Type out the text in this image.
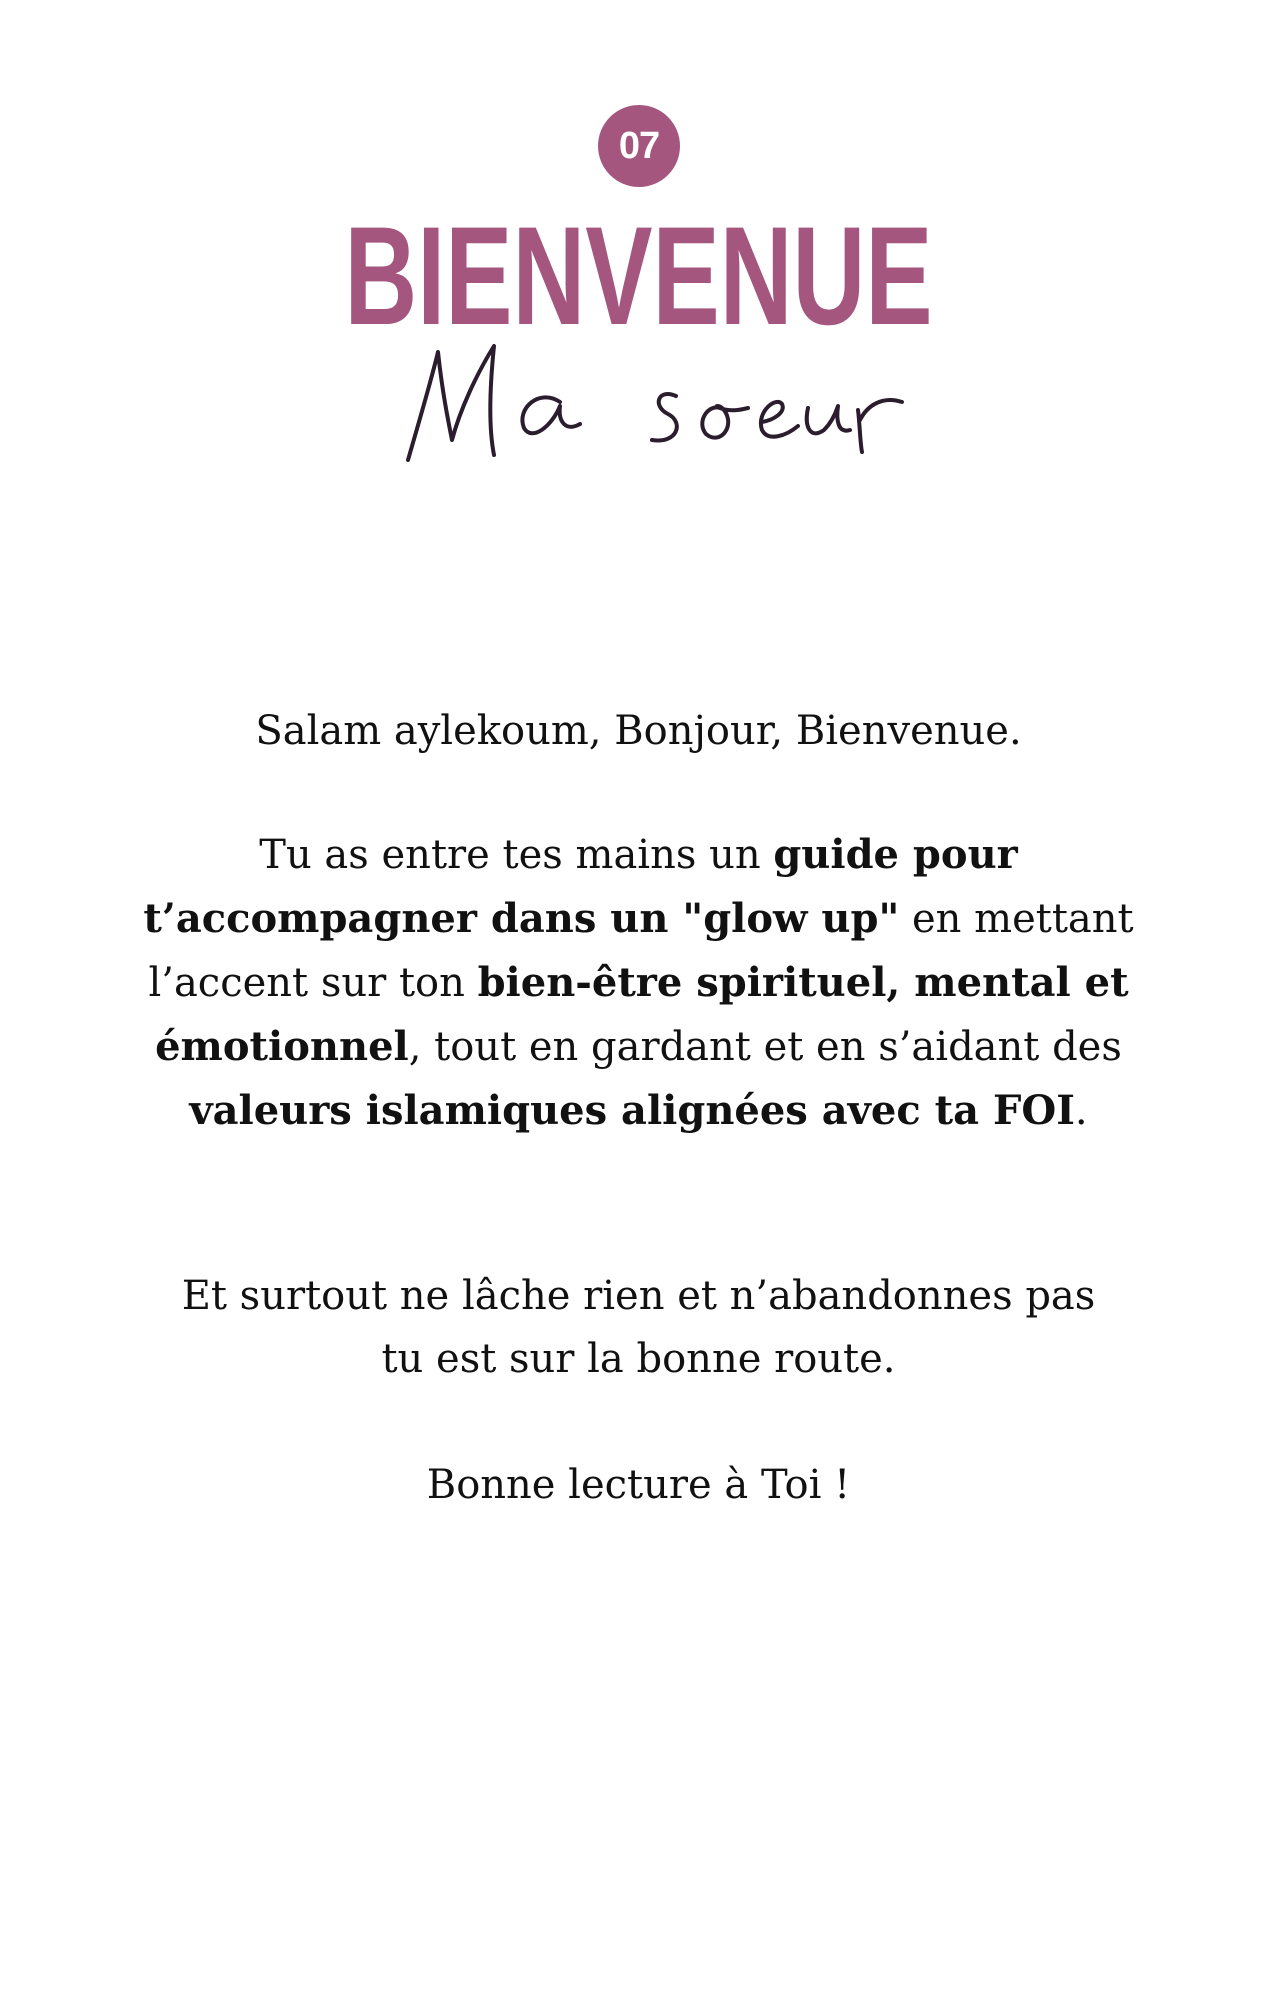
07
BIENVENUE

Salam aylekoum, Bonjour, Bienvenue.

Tu as entre tes mains un guide pour t’accompagner dans un "glow up" en mettant l’accent sur ton bien-être spirituel, mental et émotionnel, tout en gardant et en s’aidant des valeurs islamiques alignées avec ta FOI.

Et surtout ne lâche rien et n’abandonnes pas
tu est sur la bonne route.

Bonne lecture à Toi !
